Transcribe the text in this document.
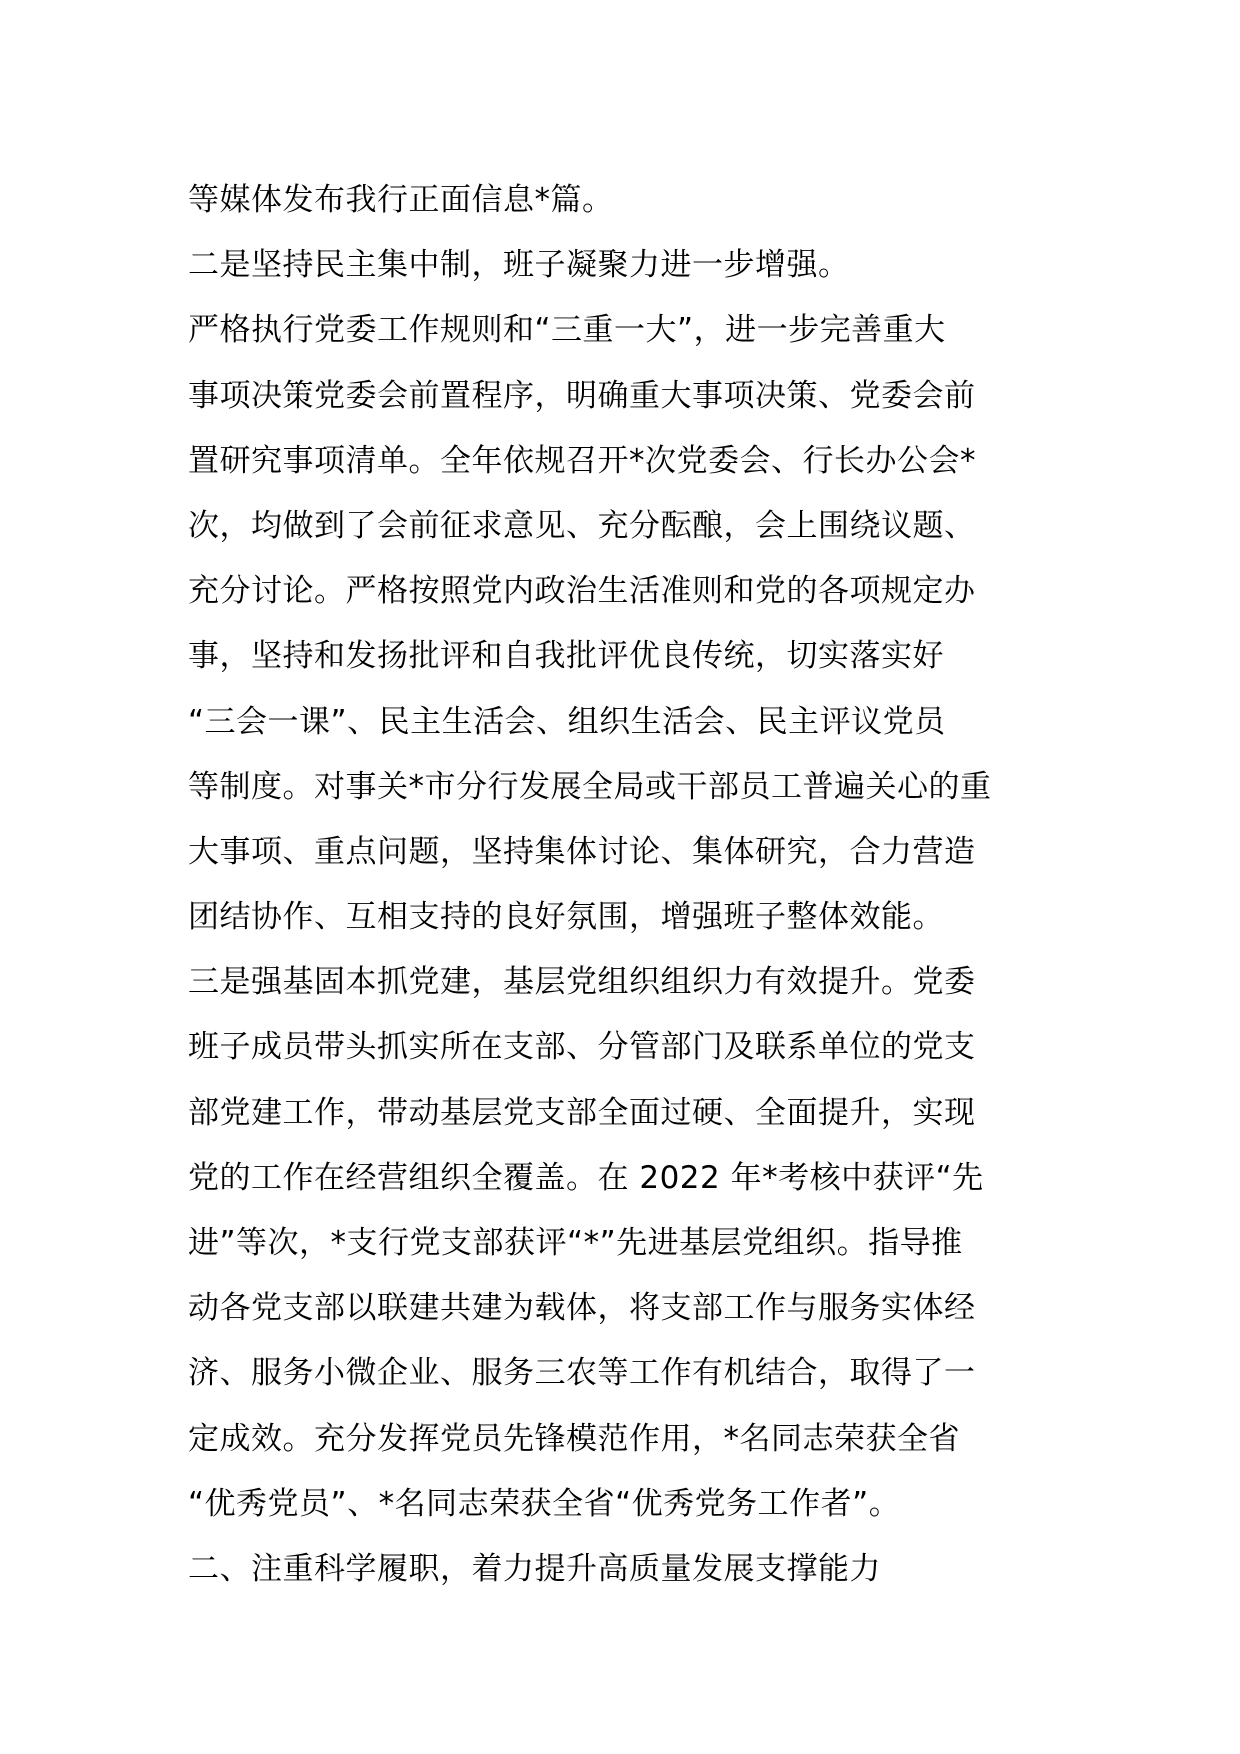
等媒体发布我行正面信息*篇。
二是坚持民主集中制，班子凝聚力进一步增强。
严格执行党委工作规则和“三重一大”，进一步完善重大
事项决策党委会前置程序，明确重大事项决策、党委会前
置研究事项清单。全年依规召开*次党委会、行长办公会*
次，均做到了会前征求意见、充分酝酿，会上围绕议题、
充分讨论。严格按照党内政治生活准则和党的各项规定办
事，坚持和发扬批评和自我批评优良传统，切实落实好
“三会一课”、民主生活会、组织生活会、民主评议党员
等制度。对事关*市分行发展全局或干部员工普遍关心的重
大事项、重点问题，坚持集体讨论、集体研究，合力营造
团结协作、互相支持的良好氛围，增强班子整体效能。
三是强基固本抓党建，基层党组织组织力有效提升。党委
班子成员带头抓实所在支部、分管部门及联系单位的党支
部党建工作，带动基层党支部全面过硬、全面提升，实现
党的工作在经营组织全覆盖。在 2022 年*考核中获评“先
进”等次，*支行党支部获评“*”先进基层党组织。指导推
动各党支部以联建共建为载体，将支部工作与服务实体经
济、服务小微企业、服务三农等工作有机结合，取得了一
定成效。充分发挥党员先锋模范作用，*名同志荣获全省
“优秀党员”、*名同志荣获全省“优秀党务工作者”。
二、注重科学履职，着力提升高质量发展支撑能力
